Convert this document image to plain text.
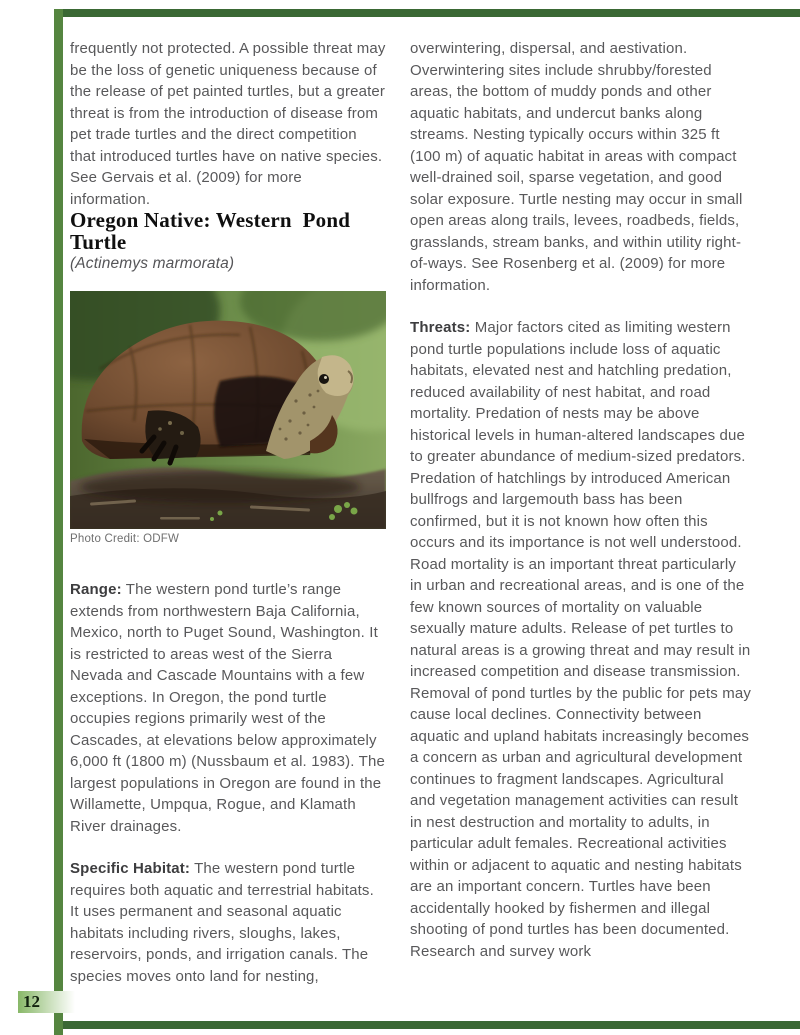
frequently not protected. A possible threat may be the loss of genetic uniqueness because of the release of pet painted turtles, but a greater threat is from the introduction of disease from pet trade turtles and the direct competition that introduced turtles have on native species. See Gervais et al. (2009) for more information.

Oregon Native: Western  Pond Turtle

(Actinemys marmorata)

Photo Credit: ODFW

Range: The western pond turtle’s range extends from northwestern Baja California, Mexico, north to Puget Sound, Washington. It is restricted to areas west of the Sierra Nevada and Cascade Mountains with a few exceptions. In Oregon, the pond turtle occupies regions primarily west of the Cascades, at elevations below approximately 6,000 ft (1800 m) (Nussbaum et al. 1983). The largest populations in Oregon are found in the Willamette, Umpqua, Rogue, and Klamath River drainages.

Specific Habitat: The western pond turtle requires both aquatic and terrestrial habitats. It uses permanent and seasonal aquatic habitats including rivers, sloughs, lakes, reservoirs, ponds, and irrigation canals. The species moves onto land for nesting,

overwintering, dispersal, and aestivation. Overwintering sites include shrubby/forested areas, the bottom of muddy ponds and other aquatic habitats, and undercut banks along streams. Nesting typically occurs within 325 ft (100 m) of aquatic habitat in areas with compact well-drained soil, sparse vegetation, and good solar exposure. Turtle nesting may occur in small open areas along trails, levees, roadbeds, fields, grasslands, stream banks, and within utility right-of-ways. See Rosenberg et al. (2009) for more information.

Threats: Major factors cited as limiting western pond turtle populations include loss of aquatic habitats, elevated nest and hatchling predation, reduced availability of nest habitat, and road mortality. Predation of nests may be above historical levels in human-altered landscapes due to greater abundance of medium-sized predators. Predation of hatchlings by introduced American bullfrogs and largemouth bass has been confirmed, but it is not known how often this occurs and its importance is not well understood. Road mortality is an important threat particularly in urban and recreational areas, and is one of the few known sources of mortality on valuable sexually mature adults. Release of pet turtles to natural areas is a growing threat and may result in increased competition and disease transmission. Removal of pond turtles by the public for pets may cause local declines. Connectivity between aquatic and upland habitats increasingly becomes a concern as urban and agricultural development continues to fragment landscapes. Agricultural and vegetation management activities can result in nest destruction and mortality to adults, in particular adult females. Recreational activities within or adjacent to aquatic and nesting habitats are an important concern. Turtles have been accidentally hooked by fishermen and illegal shooting of pond turtles has been documented. Research and survey work

12
